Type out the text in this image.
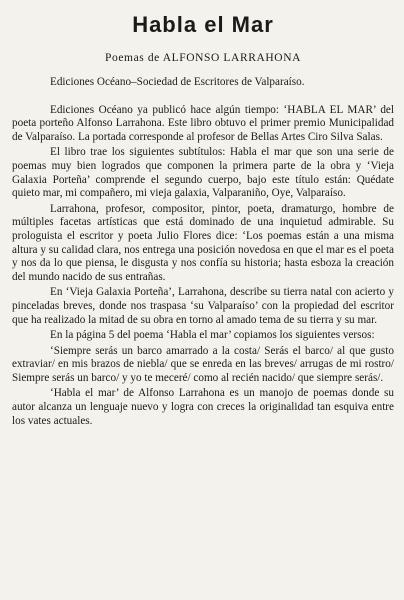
Habla el Mar
Poemas de ALFONSO LARRAHONA

Ediciones Océano–Sociedad de Escritores de Valparaíso.

Ediciones Océano ya publicó hace algún tiempo: ‘HABLA EL MAR’ del poeta porteño Alfonso Larrahona. Este libro obtuvo el primer premio Municipalidad de Valparaíso. La portada corresponde al profesor de Bellas Artes Ciro Silva Salas.

El libro trae los siguientes subtítulos: Habla el mar que son una serie de poemas muy bien logrados que componen la primera parte de la obra y ‘Vieja Galaxia Porteña’ comprende el segundo cuerpo, bajo este título están: Quédate quieto mar, mi compañero, mi vieja galaxia, Valparaniño, Oye, Valparaíso.

Larrahona, profesor, compositor, pintor, poeta, dramaturgo, hombre de múltiples facetas artísticas que está dominado de una inquietud admirable. Su prologuista el escritor y poeta Julio Flores dice: ‘Los poemas están a una misma altura y su calidad clara, nos entrega una posición novedosa en que el mar es el poeta y nos da lo que piensa, le disgusta y nos confía su historia; hasta esboza la creación del mundo nacido de sus entrañas.

En ‘Vieja Galaxia Porteña’, Larrahona, describe su tierra natal con acierto y pinceladas breves, donde nos traspasa ‘su Valparaíso’ con la propiedad del escritor que ha realizado la mitad de su obra en torno al amado tema de su tierra y su mar.

En la página 5 del poema ‘Habla el mar’ copiamos los siguientes versos:

‘Siempre serás un barco amarrado a la costa/ Serás el barco/ al que gusto extraviar/ en mis brazos de niebla/ que se enreda en las breves/ arrugas de mi rostro/ Siempre serás un barco/ y yo te meceré/ como al recién nacido/ que siempre serás/.

‘Habla el mar’ de Alfonso Larrahona es un manojo de poemas donde su autor alcanza un lenguaje nuevo y logra con creces la originalidad tan esquiva entre los vates actuales.
